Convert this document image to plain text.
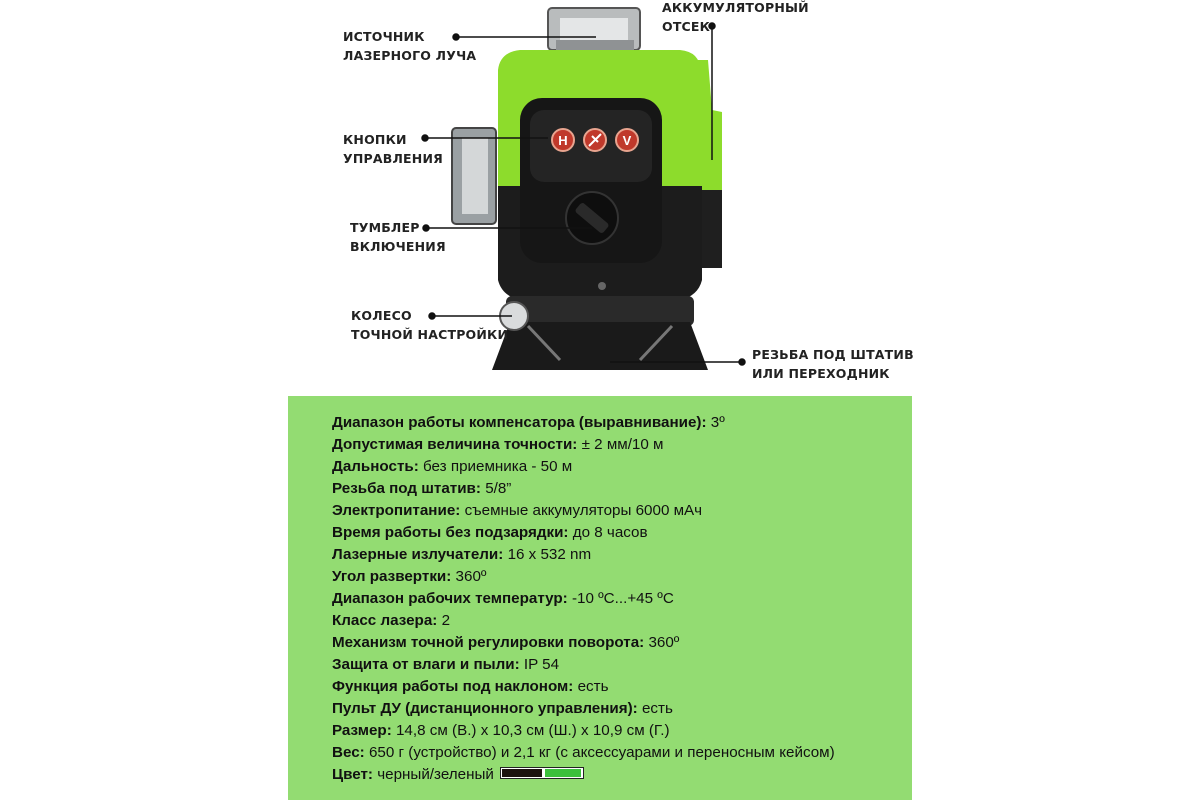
H	V
ИСТОЧНИК
ЛАЗЕРНОГО ЛУЧА
АККУМУЛЯТОРНЫЙ
ОТСЕК
КНОПКИ
УПРАВЛЕНИЯ
ТУМБЛЕР
ВКЛЮЧЕНИЯ
КОЛЕСО
ТОЧНОЙ НАСТРОЙКИ
РЕЗЬБА ПОД ШТАТИВ
ИЛИ ПЕРЕХОДНИК
Диапазон работы компенсатора (выравнивание): 3º
Допустимая величина точности: ± 2 мм/10 м
Дальность: без приемника - 50 м
Резьба под штатив: 5/8”
Электропитание: съемные аккумуляторы 6000 мАч
Время работы без подзарядки: до 8 часов
Лазерные излучатели: 16 x 532 nm
Угол развертки: 360º
Диапазон рабочих температур: -10 ºC...+45 ºC
Класс лазера: 2
Механизм точной регулировки поворота: 360º
Защита от влаги и пыли: IP 54
Функция работы под наклоном: есть
Пульт ДУ (дистанционного управления): есть
Размер: 14,8 см (В.) х 10,3 см (Ш.) х 10,9 см (Г.)
Вес: 650 г (устройство) и 2,1 кг (с аксессуарами и переносным кейсом)
Цвет: черный/зеленый
